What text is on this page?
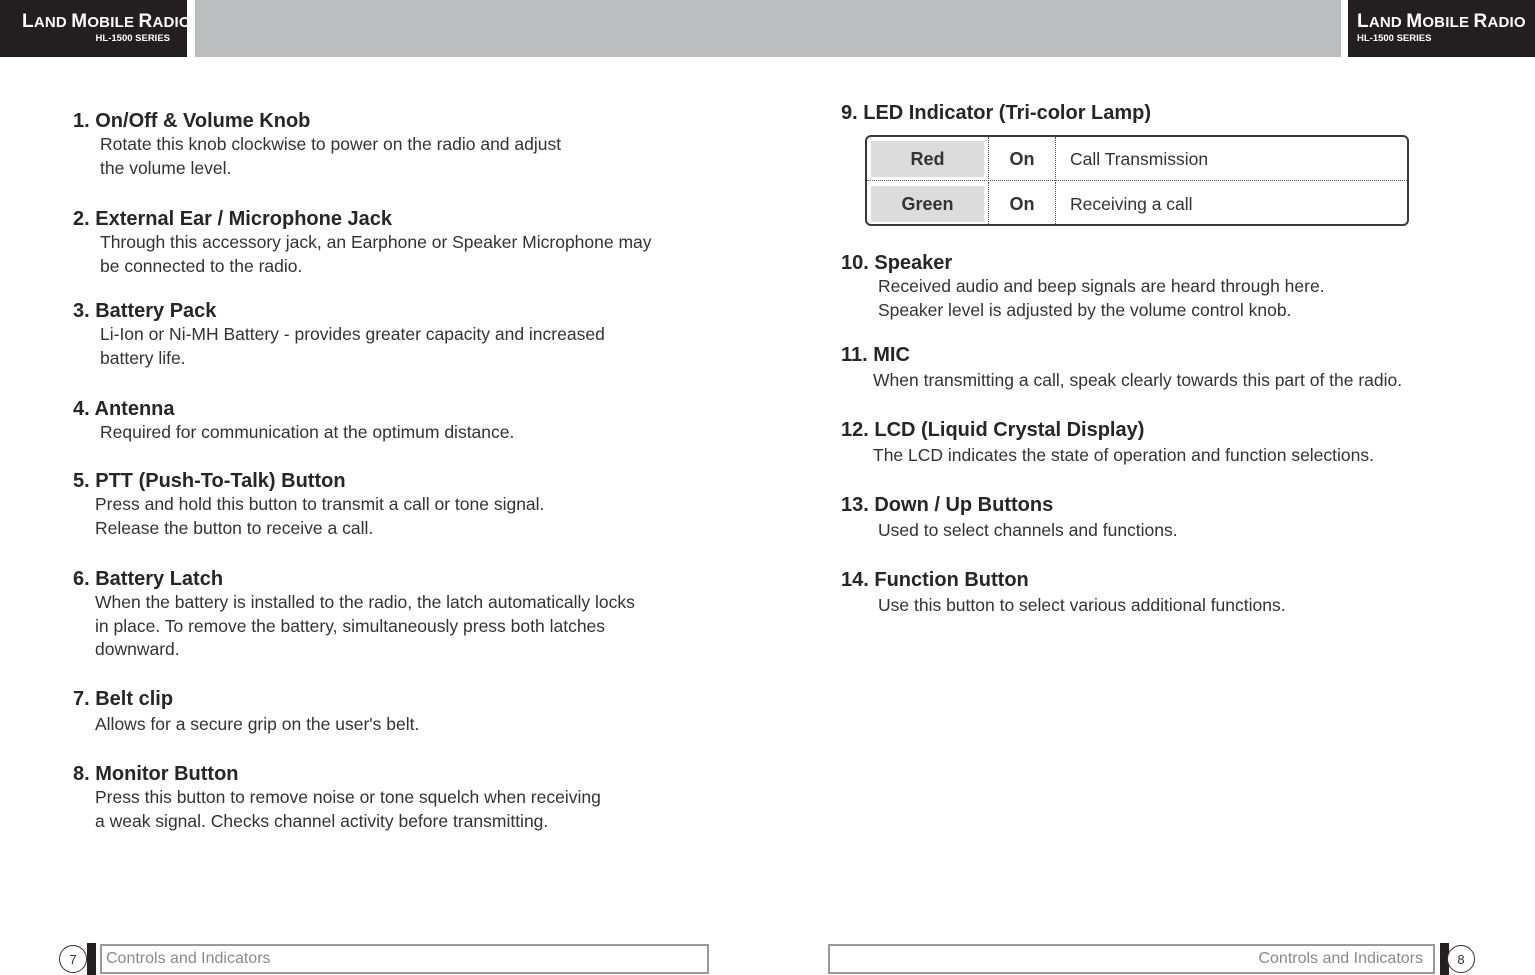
LAND MOBILE RADIO
HL-1500 SERIES
LAND MOBILE RADIO
HL-1500 SERIES
1. On/Off & Volume Knob

Rotate this knob clockwise to power on the radio and adjust
the volume level.

2. External Ear / Microphone Jack

Through this accessory jack, an Earphone or Speaker Microphone may
be connected to the radio.

3. Battery Pack

Li-Ion or Ni-MH Battery - provides greater capacity and increased
battery life.

4. Antenna

Required for communication at the optimum distance.

5. PTT (Push-To-Talk) Button

Press and hold this button to transmit a call or tone signal.
Release the button to receive a call.

6. Battery Latch

When the battery is installed to the radio, the latch automatically locks
in place. To remove the battery, simultaneously press both latches
downward.

7. Belt clip

Allows for a secure grip on the user's belt.

8. Monitor Button

Press this button to remove noise or tone squelch when receiving
a weak signal. Checks channel activity before transmitting.

9. LED Indicator (Tri-color Lamp)
Red	On	Call Transmission
Green	On	Receiving a call
10. Speaker

Received audio and beep signals are heard through here.
Speaker level is adjusted by the volume control knob.

11. MIC

When transmitting a call, speak clearly towards this part of the radio.

12. LCD (Liquid Crystal Display)

The LCD indicates the state of operation and function selections.

13. Down / Up Buttons

Used to select channels and functions.

14. Function Button

Use this button to select various additional functions.

7	Controls and Indicators	Controls and Indicators	8
